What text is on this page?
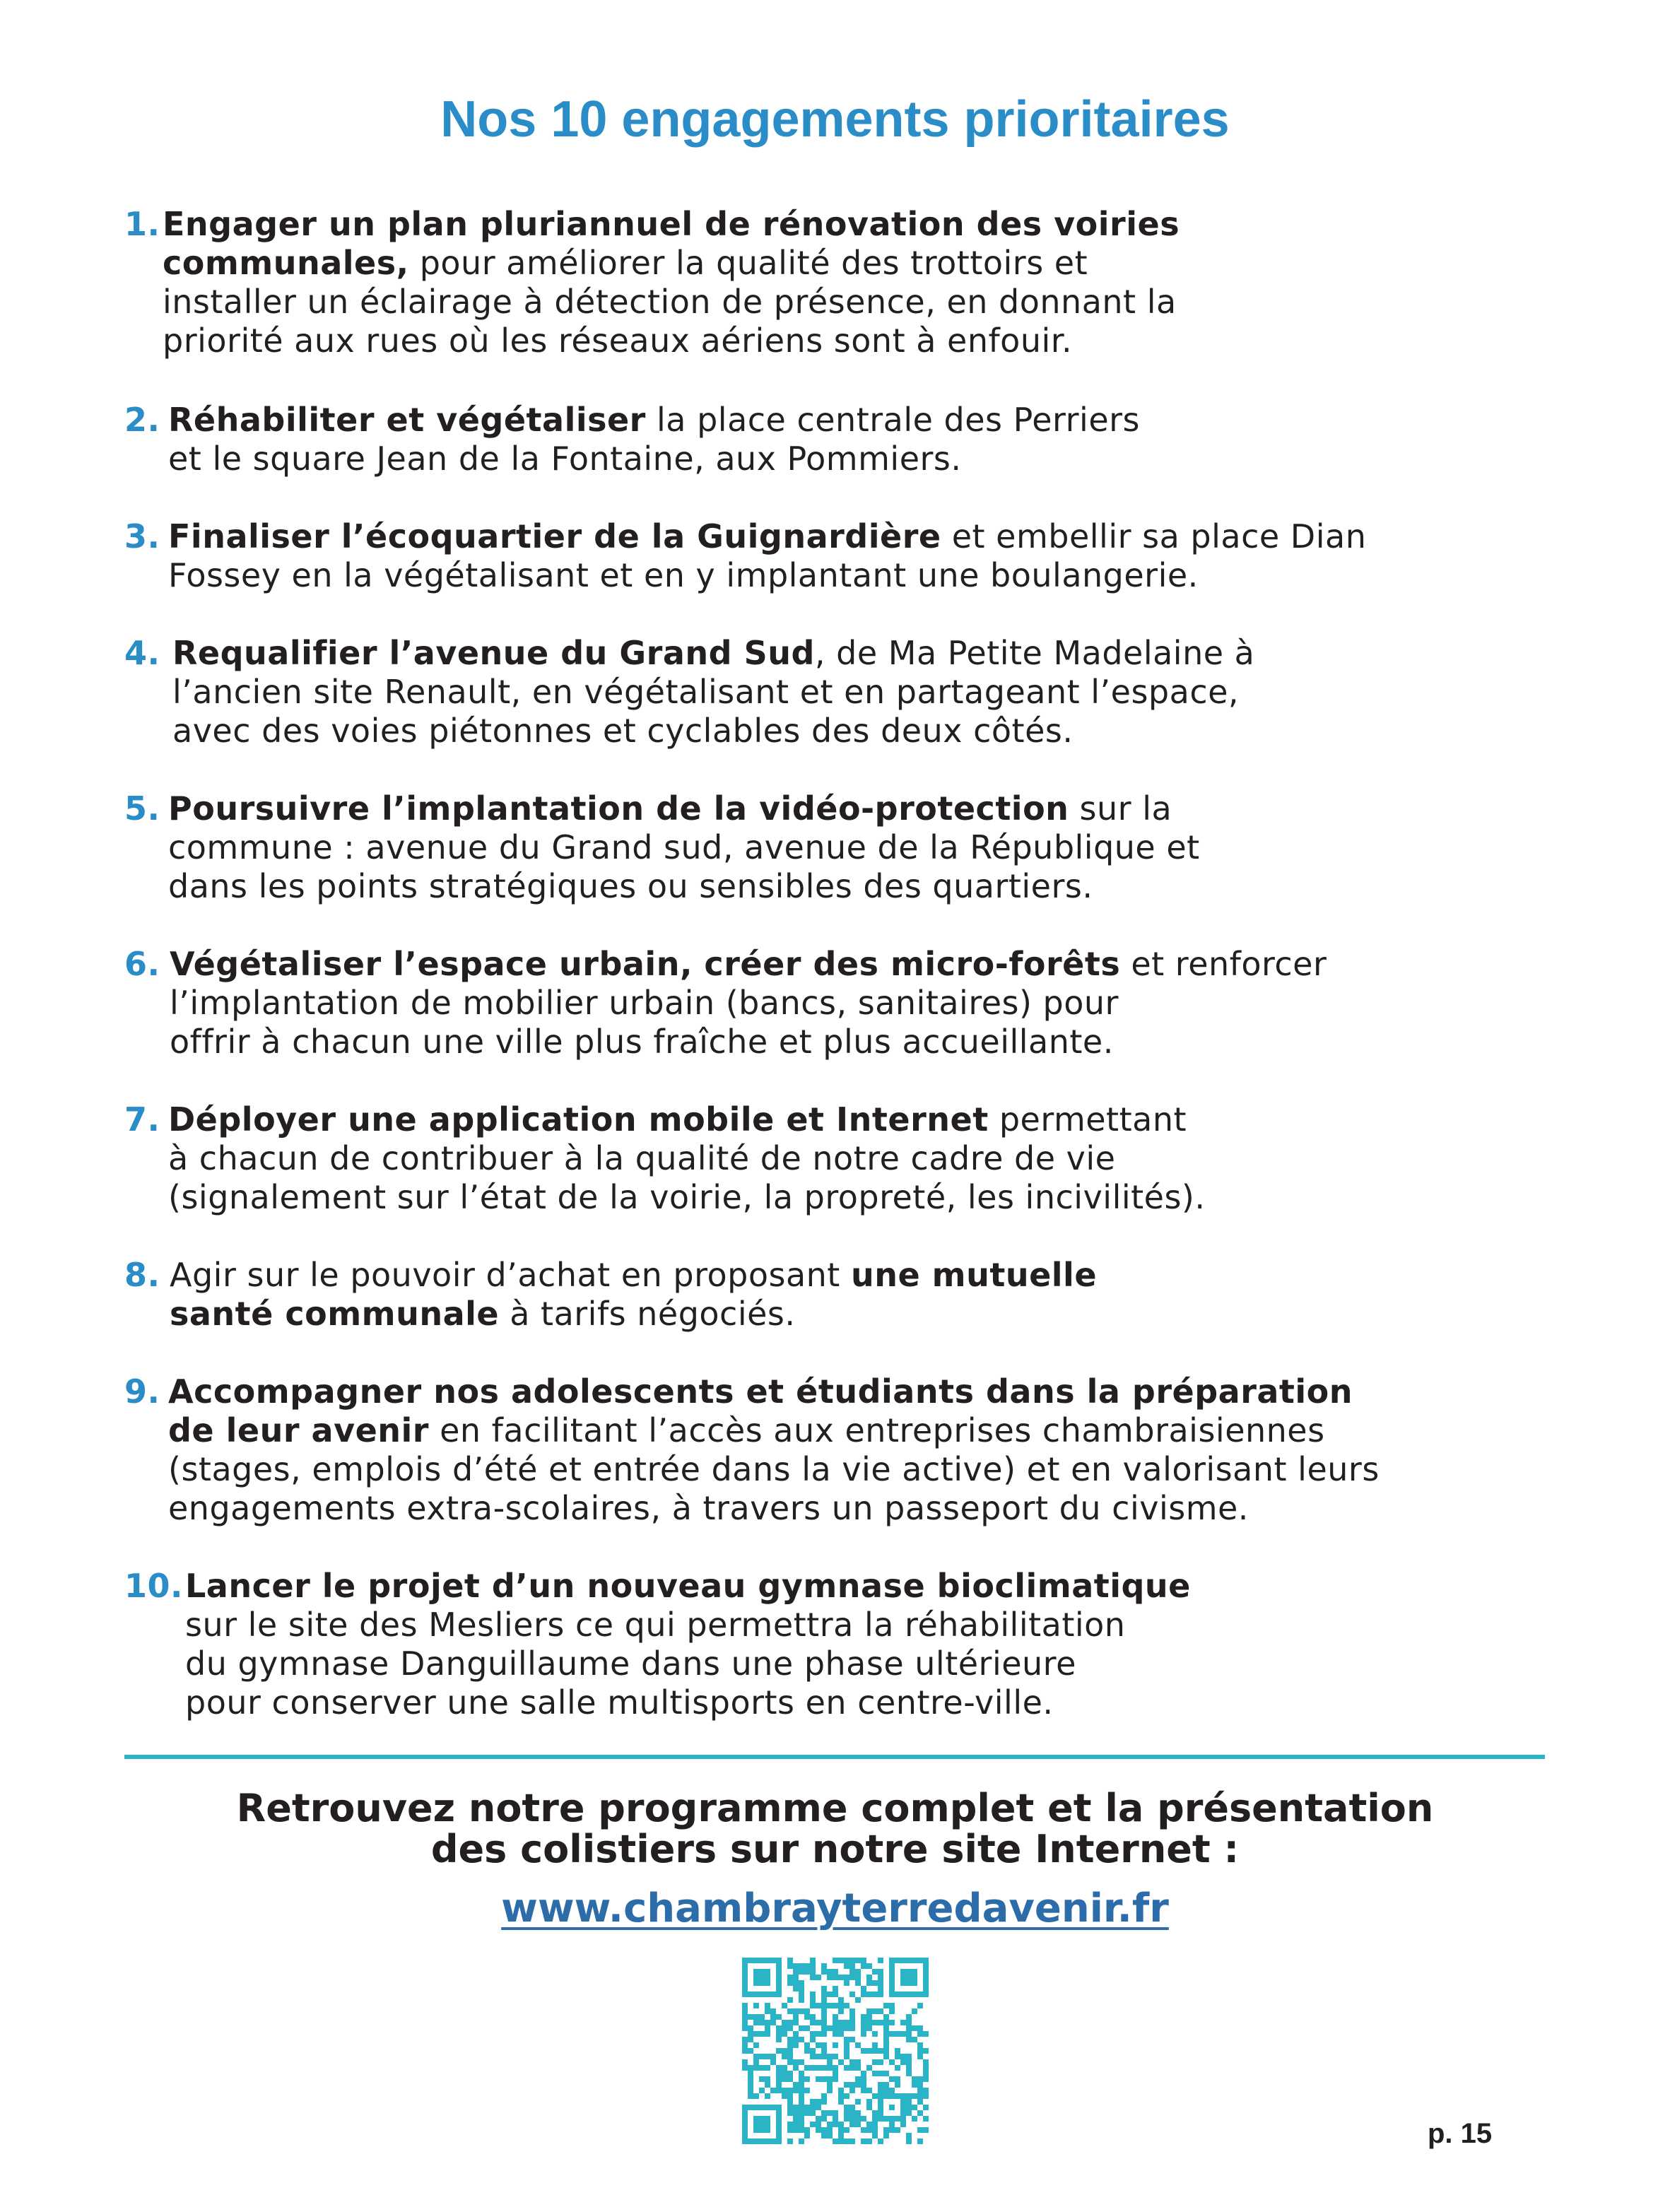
Nos 10 engagements prioritaires
1. Engager un plan pluriannuel de rénovation des voiries
communales, pour améliorer la qualité des trottoirs et
installer un éclairage à détection de présence, en donnant la
priorité aux rues où les réseaux aériens sont à enfouir.
2. Réhabiliter et végétaliser la place centrale des Perriers
et le square Jean de la Fontaine, aux Pommiers.
3. Finaliser l’écoquartier de la Guignardière et embellir sa place Dian
Fossey en la végétalisant et en y implantant une boulangerie.
4. Requalifier l’avenue du Grand Sud, de Ma Petite Madelaine à
l’ancien site Renault, en végétalisant et en partageant l’espace,
avec des voies piétonnes et cyclables des deux côtés.
5. Poursuivre l’implantation de la vidéo-protection sur la
commune : avenue du Grand sud, avenue de la République et
dans les points stratégiques ou sensibles des quartiers.
6. Végétaliser l’espace urbain, créer des micro-forêts et renforcer
l’implantation de mobilier urbain (bancs, sanitaires) pour
offrir à chacun une ville plus fraîche et plus accueillante.
7. Déployer une application mobile et Internet permettant
à chacun de contribuer à la qualité de notre cadre de vie
(signalement sur l’état de la voirie, la propreté, les incivilités).
8. Agir sur le pouvoir d’achat en proposant une mutuelle
santé communale à tarifs négociés.
9. Accompagner nos adolescents et étudiants dans la préparation
de leur avenir en facilitant l’accès aux entreprises chambraisiennes
(stages, emplois d’été et entrée dans la vie active) et en valorisant leurs
engagements extra-scolaires, à travers un passeport du civisme.
10. Lancer le projet d’un nouveau gymnase bioclimatique
sur le site des Mesliers ce qui permettra la réhabilitation
du gymnase Danguillaume dans une phase ultérieure
pour conserver une salle multisports en centre-ville.
Retrouvez notre programme complet et la présentation
des colistiers sur notre site Internet :
www.chambrayterredavenir.fr
p. 15
